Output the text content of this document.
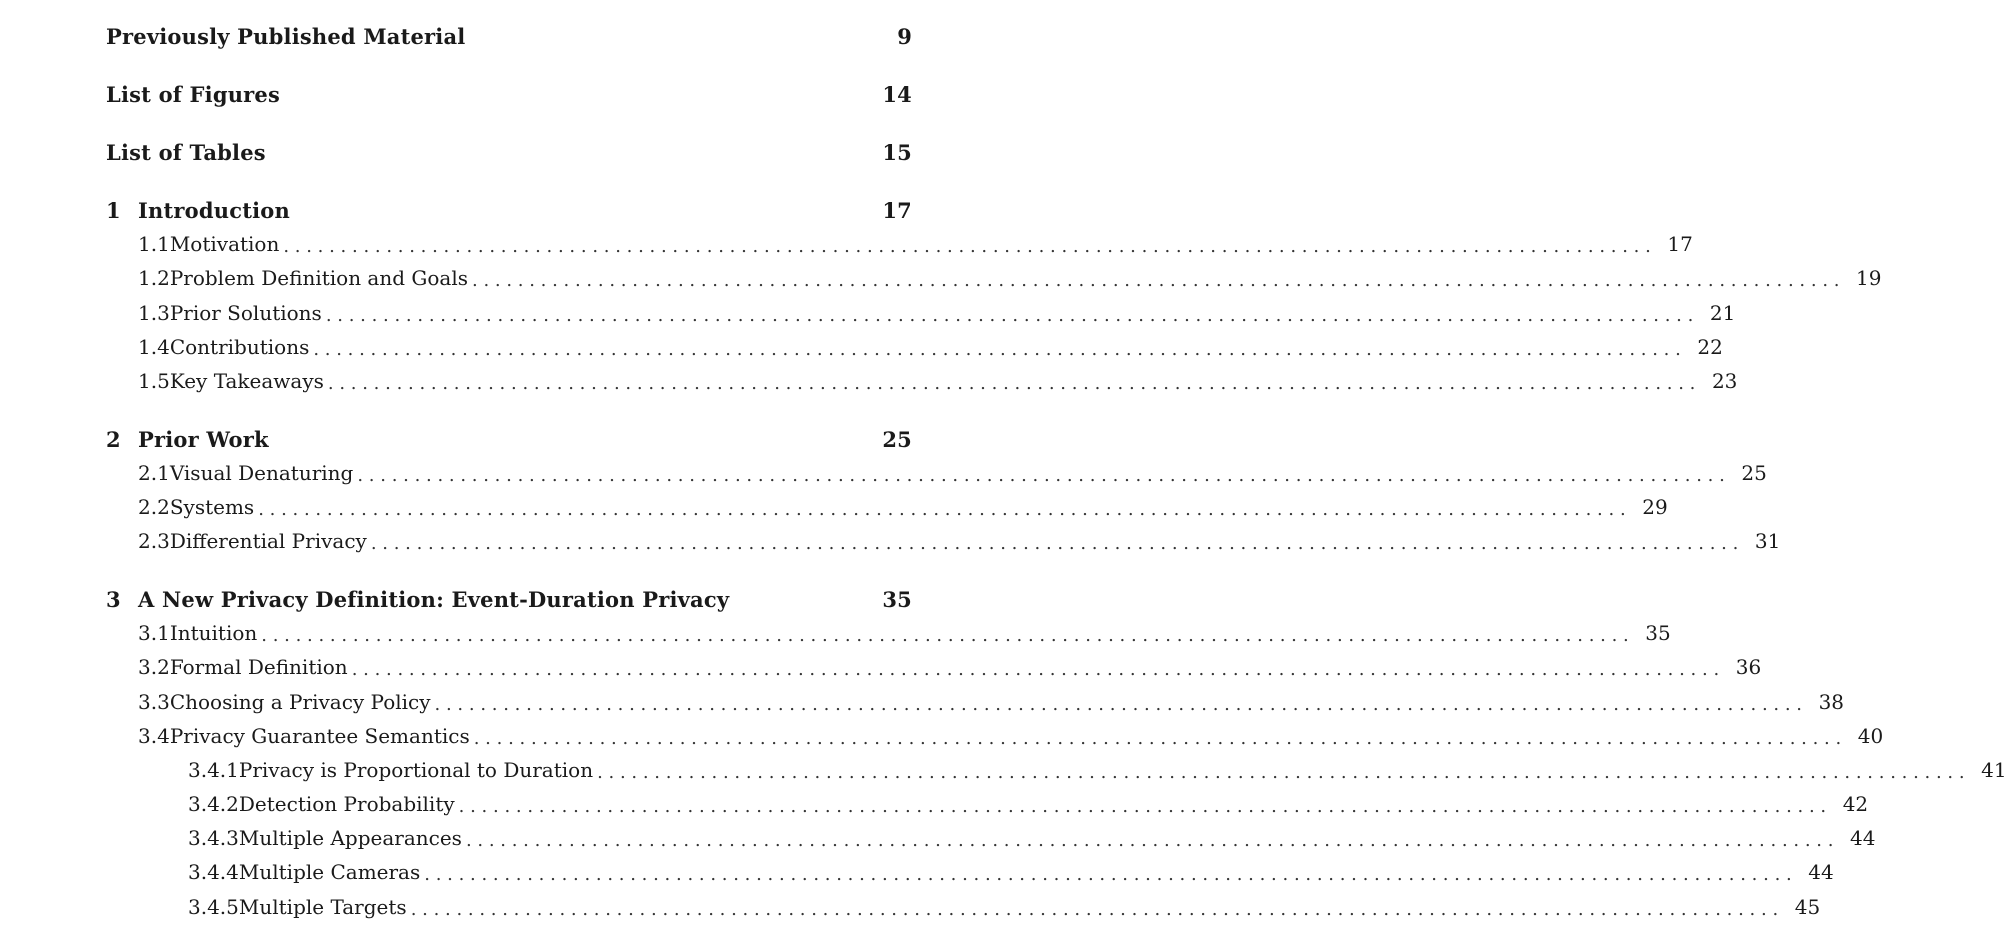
Previously Published Material	9
List of Figures	14
List of Tables	15
1 Introduction	17
1.1 Motivation . . . . . . . . . . . . . . . . . . . . . . . . . . . . . . . . . . . . . . . . . . . . . . . . . . . . . . . . . . . . . . . . . . . . . . . . . . . . . . . . . . . . . . . . . . . . . . . . . . . . . . . . . . . . . . . . . . . . . . . . 17
1.2 Problem Definition and Goals . . . . . . . . . . . . . . . . . . . . . . . . . . . . . . . . . . . . . . . . . . . . . . . . . . . . . . . . . . . . . . . . . . . . . . . . . . . . . . . . . . . . . . . . . . . . . . . . . . . . . . . . . . . . . . . . . . . . . . . . 19
1.3 Prior Solutions . . . . . . . . . . . . . . . . . . . . . . . . . . . . . . . . . . . . . . . . . . . . . . . . . . . . . . . . . . . . . . . . . . . . . . . . . . . . . . . . . . . . . . . . . . . . . . . . . . . . . . . . . . . . . . . . . . . . . . . . 21
1.4 Contributions . . . . . . . . . . . . . . . . . . . . . . . . . . . . . . . . . . . . . . . . . . . . . . . . . . . . . . . . . . . . . . . . . . . . . . . . . . . . . . . . . . . . . . . . . . . . . . . . . . . . . . . . . . . . . . . . . . . . . . . . 22
1.5 Key Takeaways . . . . . . . . . . . . . . . . . . . . . . . . . . . . . . . . . . . . . . . . . . . . . . . . . . . . . . . . . . . . . . . . . . . . . . . . . . . . . . . . . . . . . . . . . . . . . . . . . . . . . . . . . . . . . . . . . . . . . . . . 23
2 Prior Work	25
2.1 Visual Denaturing . . . . . . . . . . . . . . . . . . . . . . . . . . . . . . . . . . . . . . . . . . . . . . . . . . . . . . . . . . . . . . . . . . . . . . . . . . . . . . . . . . . . . . . . . . . . . . . . . . . . . . . . . . . . . . . . . . . . . . . . 25
2.2 Systems . . . . . . . . . . . . . . . . . . . . . . . . . . . . . . . . . . . . . . . . . . . . . . . . . . . . . . . . . . . . . . . . . . . . . . . . . . . . . . . . . . . . . . . . . . . . . . . . . . . . . . . . . . . . . . . . . . . . . . . . 29
2.3 Differential Privacy . . . . . . . . . . . . . . . . . . . . . . . . . . . . . . . . . . . . . . . . . . . . . . . . . . . . . . . . . . . . . . . . . . . . . . . . . . . . . . . . . . . . . . . . . . . . . . . . . . . . . . . . . . . . . . . . . . . . . . . . 31
3 A New Privacy Definition: Event-Duration Privacy	35
3.1 Intuition . . . . . . . . . . . . . . . . . . . . . . . . . . . . . . . . . . . . . . . . . . . . . . . . . . . . . . . . . . . . . . . . . . . . . . . . . . . . . . . . . . . . . . . . . . . . . . . . . . . . . . . . . . . . . . . . . . . . . . . . 35
3.2 Formal Definition . . . . . . . . . . . . . . . . . . . . . . . . . . . . . . . . . . . . . . . . . . . . . . . . . . . . . . . . . . . . . . . . . . . . . . . . . . . . . . . . . . . . . . . . . . . . . . . . . . . . . . . . . . . . . . . . . . . . . . . . 36
3.3 Choosing a Privacy Policy . . . . . . . . . . . . . . . . . . . . . . . . . . . . . . . . . . . . . . . . . . . . . . . . . . . . . . . . . . . . . . . . . . . . . . . . . . . . . . . . . . . . . . . . . . . . . . . . . . . . . . . . . . . . . . . . . . . . . . . . 38
3.4 Privacy Guarantee Semantics . . . . . . . . . . . . . . . . . . . . . . . . . . . . . . . . . . . . . . . . . . . . . . . . . . . . . . . . . . . . . . . . . . . . . . . . . . . . . . . . . . . . . . . . . . . . . . . . . . . . . . . . . . . . . . . . . . . . . . . . 40
3.4.1 Privacy is Proportional to Duration . . . . . . . . . . . . . . . . . . . . . . . . . . . . . . . . . . . . . . . . . . . . . . . . . . . . . . . . . . . . . . . . . . . . . . . . . . . . . . . . . . . . . . . . . . . . . . . . . . . . . . . . . . . . . . . . . . . . . . . . 41
3.4.2 Detection Probability . . . . . . . . . . . . . . . . . . . . . . . . . . . . . . . . . . . . . . . . . . . . . . . . . . . . . . . . . . . . . . . . . . . . . . . . . . . . . . . . . . . . . . . . . . . . . . . . . . . . . . . . . . . . . . . . . . . . . . . . 42
3.4.3 Multiple Appearances . . . . . . . . . . . . . . . . . . . . . . . . . . . . . . . . . . . . . . . . . . . . . . . . . . . . . . . . . . . . . . . . . . . . . . . . . . . . . . . . . . . . . . . . . . . . . . . . . . . . . . . . . . . . . . . . . . . . . . . . 44
3.4.4 Multiple Cameras . . . . . . . . . . . . . . . . . . . . . . . . . . . . . . . . . . . . . . . . . . . . . . . . . . . . . . . . . . . . . . . . . . . . . . . . . . . . . . . . . . . . . . . . . . . . . . . . . . . . . . . . . . . . . . . . . . . . . . . . 44
3.4.5 Multiple Targets . . . . . . . . . . . . . . . . . . . . . . . . . . . . . . . . . . . . . . . . . . . . . . . . . . . . . . . . . . . . . . . . . . . . . . . . . . . . . . . . . . . . . . . . . . . . . . . . . . . . . . . . . . . . . . . . . . . . . . . . 45
